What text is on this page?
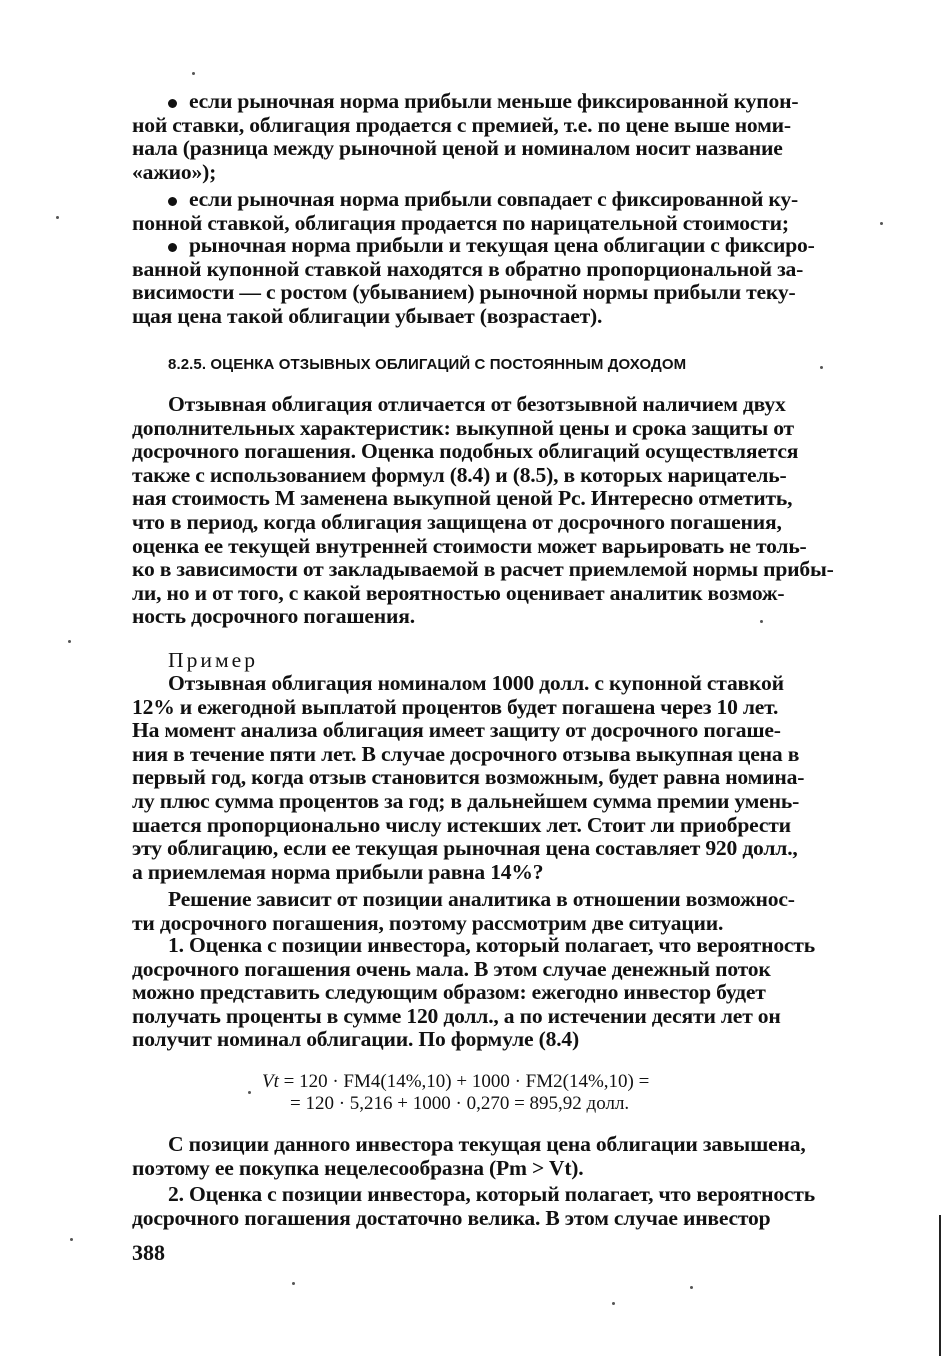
если рыночная норма прибыли меньше фиксированной купон-
ной ставки, облигация продается с премией, т.е. по цене выше номи-
нала (разница между рыночной ценой и номиналом носит название
«ажио»);
если рыночная норма прибыли совпадает с фиксированной ку-
понной ставкой, облигация продается по нарицательной стоимости;
рыночная норма прибыли и текущая цена облигации с фиксиро-
ванной купонной ставкой находятся в обратно пропорциональной за-
висимости — с ростом (убыванием) рыночной нормы прибыли теку-
щая цена такой облигации убывает (возрастает).
8.2.5. ОЦЕНКА ОТЗЫВНЫХ ОБЛИГАЦИЙ С ПОСТОЯННЫМ ДОХОДОМ
Отзывная облигация отличается от безотзывной наличием двух
дополнительных характеристик: выкупной цены и срока защиты от
досрочного погашения. Оценка подобных облигаций осуществляется
также с использованием формул (8.4) и (8.5), в которых нарицатель-
ная стоимость M заменена выкупной ценой Pc. Интересно отметить,
что в период, когда облигация защищена от досрочного погашения,
оценка ее текущей внутренней стоимости может варьировать не толь-
ко в зависимости от закладываемой в расчет приемлемой нормы прибы-
ли, но и от того, с какой вероятностью оценивает аналитик возмож-
ность досрочного погашения.
Пример
Отзывная облигация номиналом 1000 долл. с купонной ставкой
12% и ежегодной выплатой процентов будет погашена через 10 лет.
На момент анализа облигация имеет защиту от досрочного погаше-
ния в течение пяти лет. В случае досрочного отзыва выкупная цена в
первый год, когда отзыв становится возможным, будет равна номина-
лу плюс сумма процентов за год; в дальнейшем сумма премии умень-
шается пропорционально числу истекших лет. Стоит ли приобрести
эту облигацию, если ее текущая рыночная цена составляет 920 долл.,
а приемлемая норма прибыли равна 14%?
Решение зависит от позиции аналитика в отношении возможнос-
ти досрочного погашения, поэтому рассмотрим две ситуации.
1. Оценка с позиции инвестора, который полагает, что вероятность
досрочного погашения очень мала. В этом случае денежный поток
можно представить следующим образом: ежегодно инвестор будет
получать проценты в сумме 120 долл., а по истечении десяти лет он
получит номинал облигации. По формуле (8.4)
Vt = 120 · FM4(14%,10) + 1000 · FM2(14%,10) =
= 120 · 5,216 + 1000 · 0,270 = 895,92 долл.
С позиции данного инвестора текущая цена облигации завышена,
поэтому ее покупка нецелесообразна (Pm > Vt).
2. Оценка с позиции инвестора, который полагает, что вероятность
досрочного погашения достаточно велика. В этом случае инвестор
388
